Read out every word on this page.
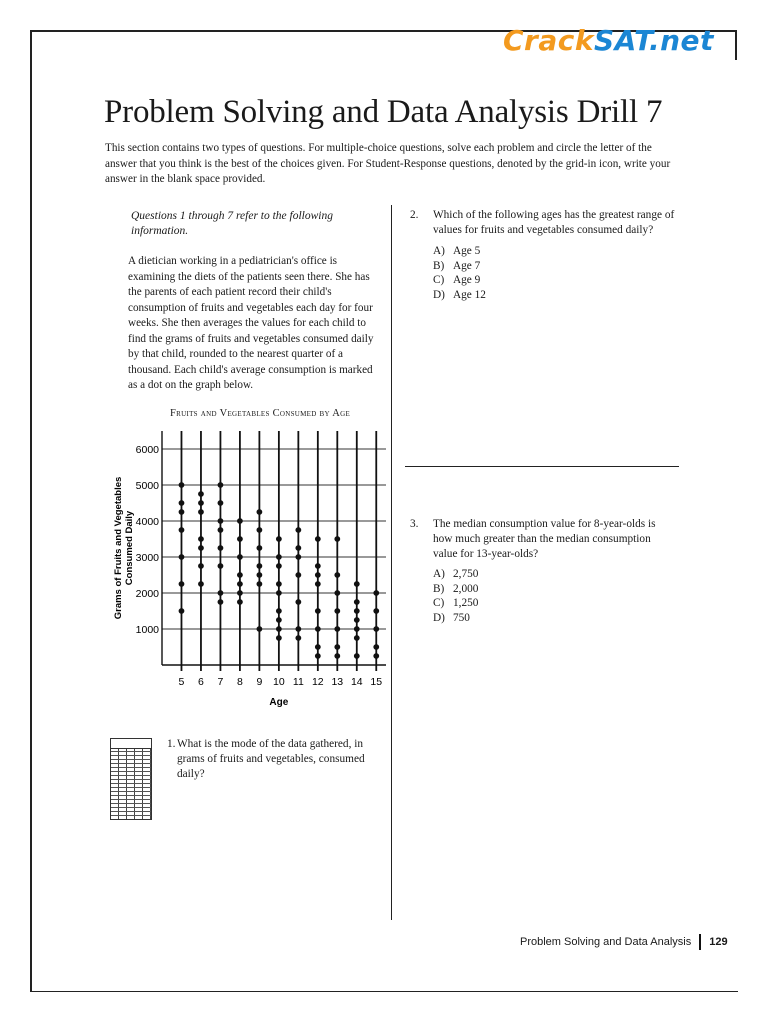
CrackSAT.net
Problem Solving and Data Analysis Drill 7
This section contains two types of questions. For multiple-choice questions, solve each problem and circle the letter of the answer that you think is the best of the choices given. For Student-Response questions, denoted by the grid-in icon, write your answer in the blank space provided.
Questions 1 through 7 refer to the following information.
A dietician working in a pediatrician's office is examining the diets of the patients seen there. She has the parents of each patient record their child's consumption of fruits and vegetables each day for four weeks. She then averages the values for each child to find the grams of fruits and vegetables consumed daily by that child, rounded to the nearest quarter of a thousand. Each child's average consumption is marked as a dot on the graph below.
Fruits and Vegetables Consumed by Age
1000
2000
3000
4000
5000
6000
5 6 7 8 9 10 11 12 13 14 15
Age
Grams of Fruits and Vegetables Consumed Daily
1. What is the mode of the data gathered, in grams of fruits and vegetables, consumed daily?
2. Which of the following ages has the greatest range of values for fruits and vegetables consumed daily?
A) Age 5
B) Age 7
C) Age 9
D) Age 12
3. The median consumption value for 8-year-olds is how much greater than the median consumption value for 13-year-olds?
A) 2,750
B) 2,000
C) 1,250
D) 750
Problem Solving and Data Analysis 129
